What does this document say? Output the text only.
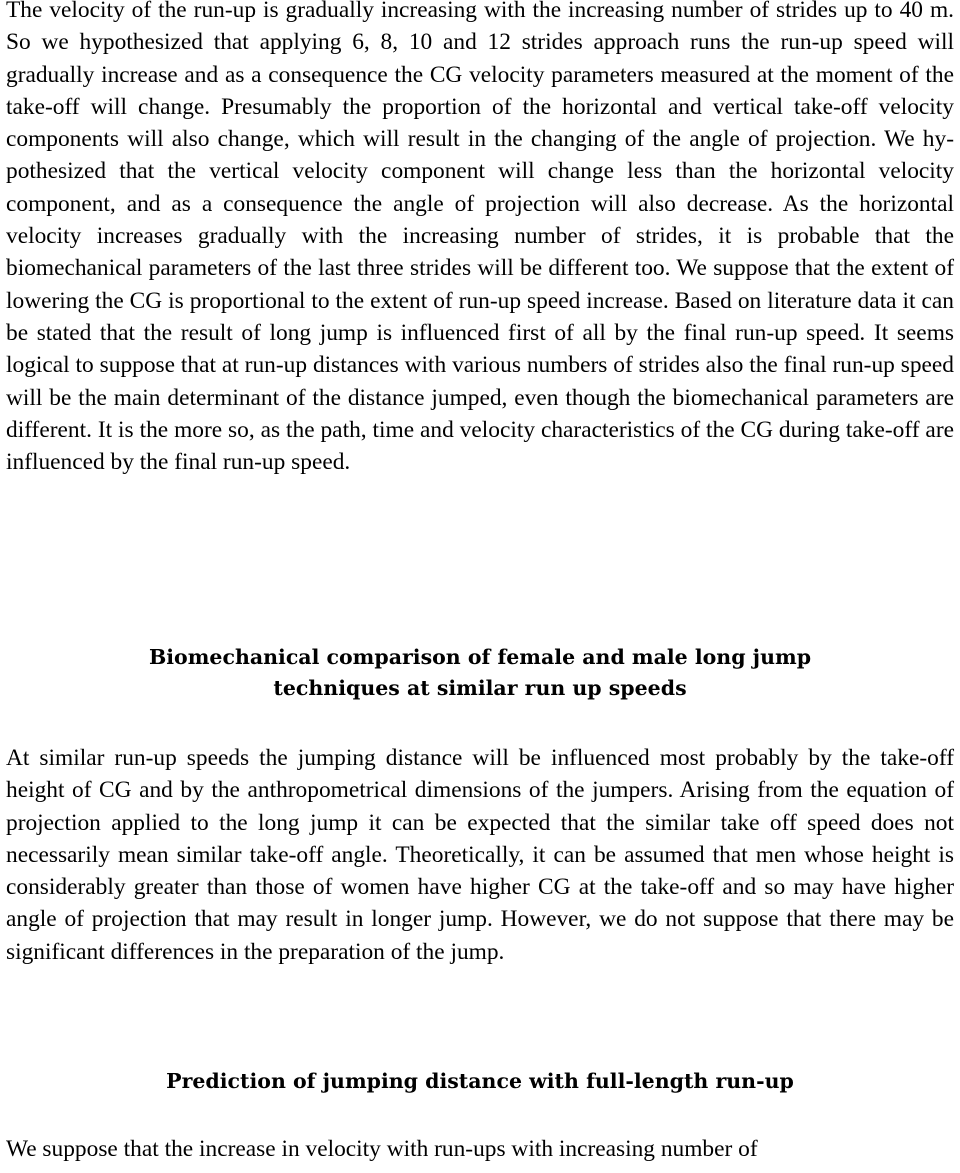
The velocity of the run-up is gradually increasing with the increasing number of strides up to 40 m. So we hypothesized that applying 6, 8, 10 and 12 strides approach runs the run-up speed will gradually increase and as a consequence the CG velocity parameters measured at the moment of the take-off will change. Presumably the proportion of the horizontal and vertical take-off velocity components will also change, which will result in the changing of the angle of projection. We hypothesized that the vertical velocity component will change less than the horizontal velocity component, and as a consequence the angle of projection will also decrease. As the horizontal velocity increases gradually with the increasing number of strides, it is probable that the biomechanical parameters of the last three strides will be different too. We suppose that the extent of lowering the CG is proportional to the extent of run-up speed increase. Based on literature data it can be stated that the result of long jump is influenced first of all by the final run-up speed. It seems logical to suppose that at run-up distances with various numbers of strides also the final run-up speed will be the main determinant of the distance jumped, even though the biomechanical parameters are different. It is the more so, as the path, time and velocity characteristics of the CG during take-off are influenced by the final run-up speed.

Biomechanical comparison of female and male long jump
techniques at similar run up speeds

At similar run-up speeds the jumping distance will be influenced most probably by the take-off height of CG and by the anthropometrical dimensions of the jumpers. Arising from the equation of projection applied to the long jump it can be expected that the similar take off speed does not necessarily mean similar take-off angle. Theoretically, it can be assumed that men whose height is considerably greater than those of women have higher CG at the take-off and so may have higher angle of projection that may result in longer jump. However, we do not suppose that there may be significant differences in the preparation of the jump.

Prediction of jumping distance with full-length run-up

We suppose that the increase in velocity with run-ups with increasing number of
